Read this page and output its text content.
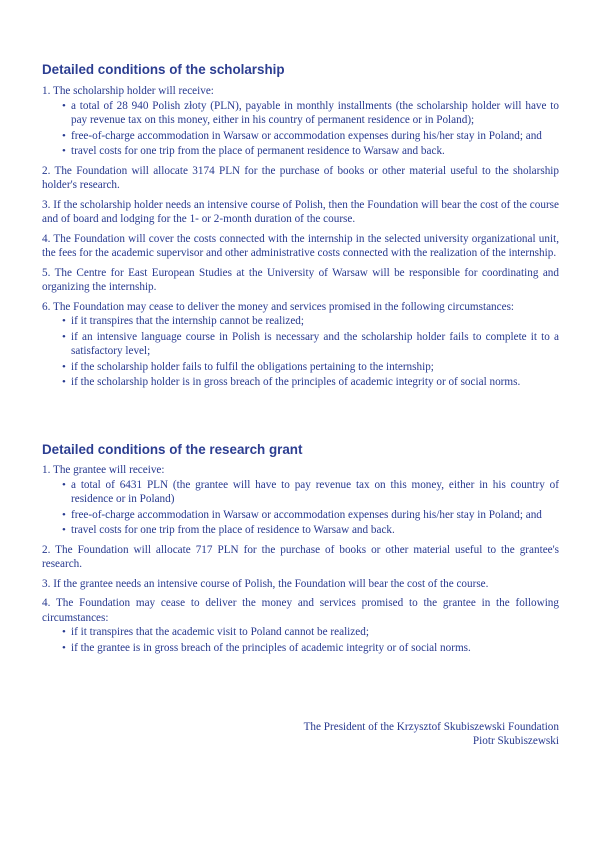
Detailed conditions of the scholarship

1. The scholarship holder will receive:

• a total of 28 940 Polish złoty (PLN), payable in monthly installments (the scholarship holder will have to pay revenue tax on this money, either in his country of permanent residence or in Poland);
• free-of-charge accommodation in Warsaw or accommodation expenses during his/her stay in Poland; and
• travel costs for one trip from the place of permanent residence to Warsaw and back.

2. The Foundation will allocate 3174 PLN for the purchase of books or other material useful to the sholarship holder's research.

3. If the scholarship holder needs an intensive course of Polish, then the Foundation will bear the cost of the course and of board and lodging for the 1- or 2-month duration of the course.

4. The Foundation will cover the costs connected with the internship in the selected university organizational unit, the fees for the academic supervisor and other administrative costs connected with the realization of the internship.

5. The Centre for East European Studies at the University of Warsaw will be responsible for coordinating and organizing the internship.

6. The Foundation may cease to deliver the money and services promised in the following circumstances:

• if it transpires that the internship cannot be realized;
• if an intensive language course in Polish is necessary and the scholarship holder fails to complete it to a satisfactory level;
• if the scholarship holder fails to fulfil the obligations pertaining to the internship;
• if the scholarship holder is in gross breach of the principles of academic integrity or of social norms.
Detailed conditions of the research grant

1. The grantee will receive:

• a total of 6431 PLN (the grantee will have to pay revenue tax on this money, either in his country of residence or in Poland)
• free-of-charge accommodation in Warsaw or accommodation expenses during his/her stay in Poland; and
• travel costs for one trip from the place of residence to Warsaw and back.

2. The Foundation will allocate 717 PLN for the purchase of books or other material useful to the grantee's research.

3. If the grantee needs an intensive course of Polish, the Foundation will bear the cost of the course.

4. The Foundation may cease to deliver the money and services promised to the grantee in the following circumstances:

• if it transpires that the academic visit to Poland cannot be realized;
• if the grantee is in gross breach of the principles of academic integrity or of social norms.
The President of the Krzysztof Skubiszewski Foundation
Piotr Skubiszewski
